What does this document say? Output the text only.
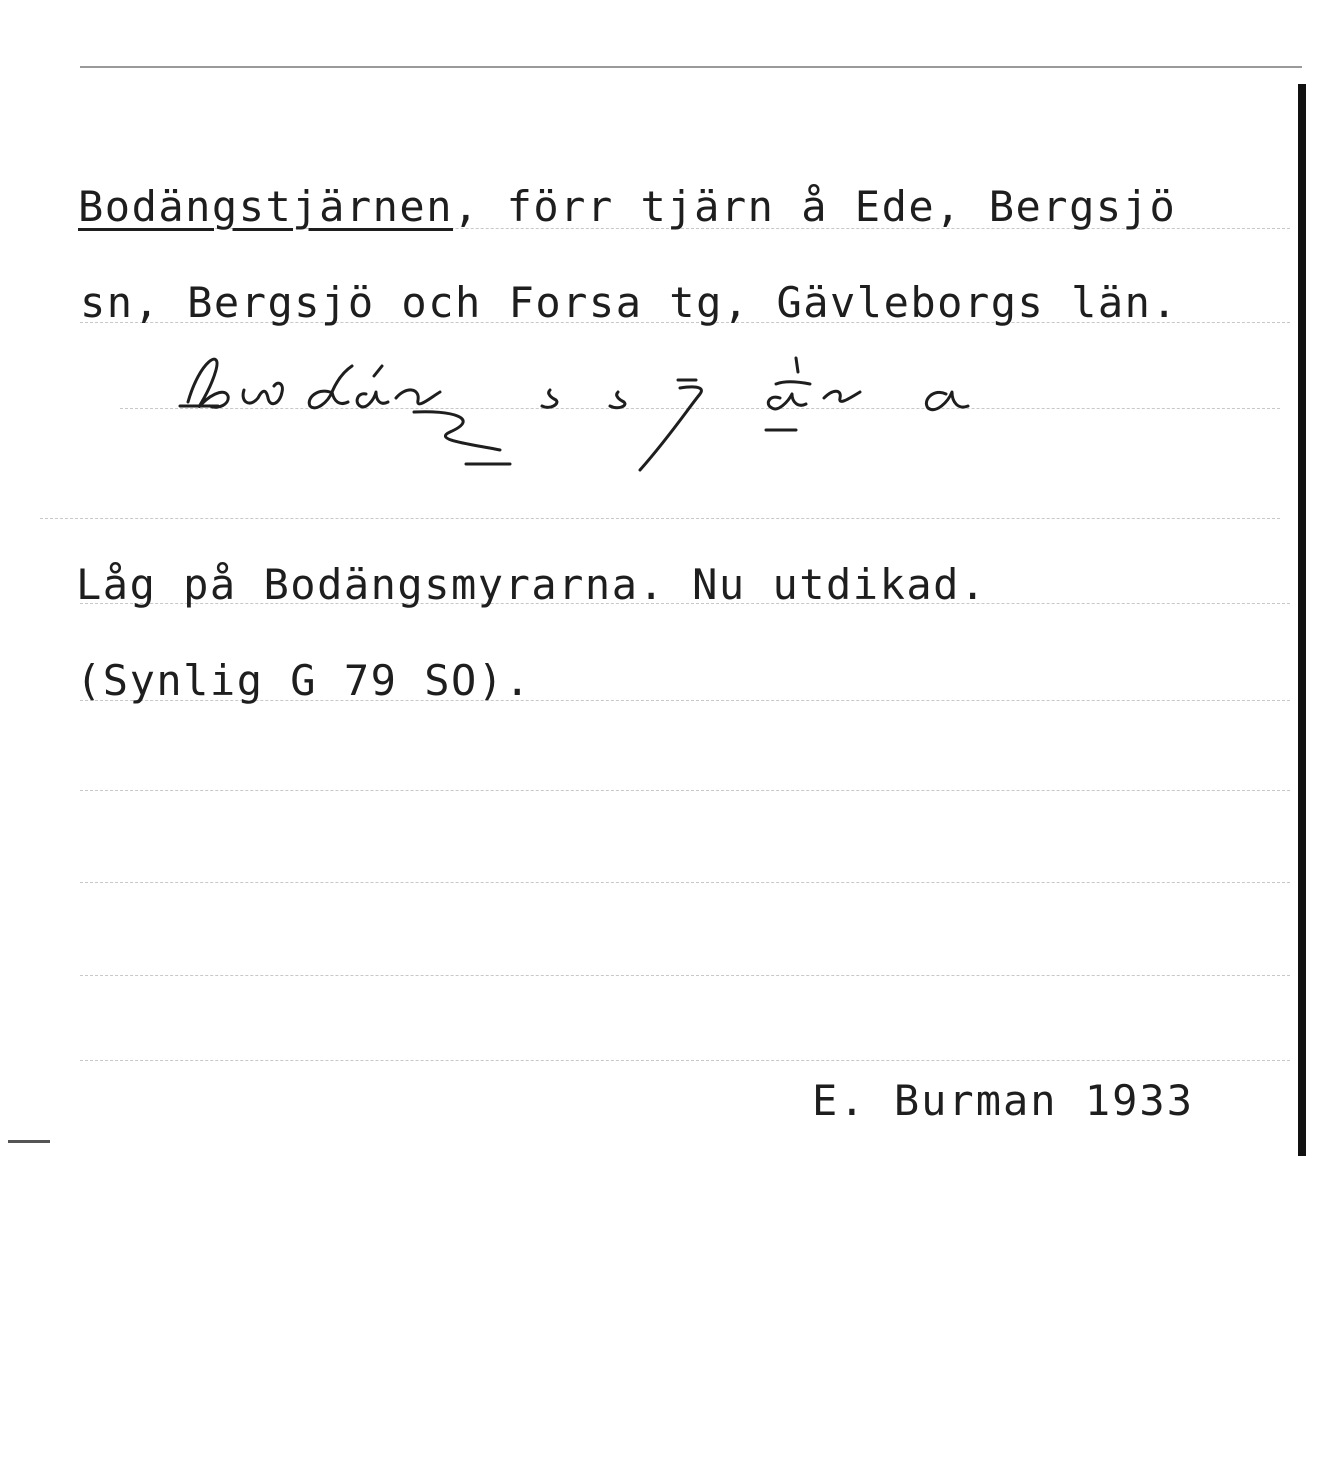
Bodängstjärnen, förr tjärn å Ede, Bergsjö
sn, Bergsjö och Forsa tg, Gävleborgs län.
Låg på Bodängsmyrarna. Nu utdikad.
(Synlig G 79 SO).
E. Burman 1933
